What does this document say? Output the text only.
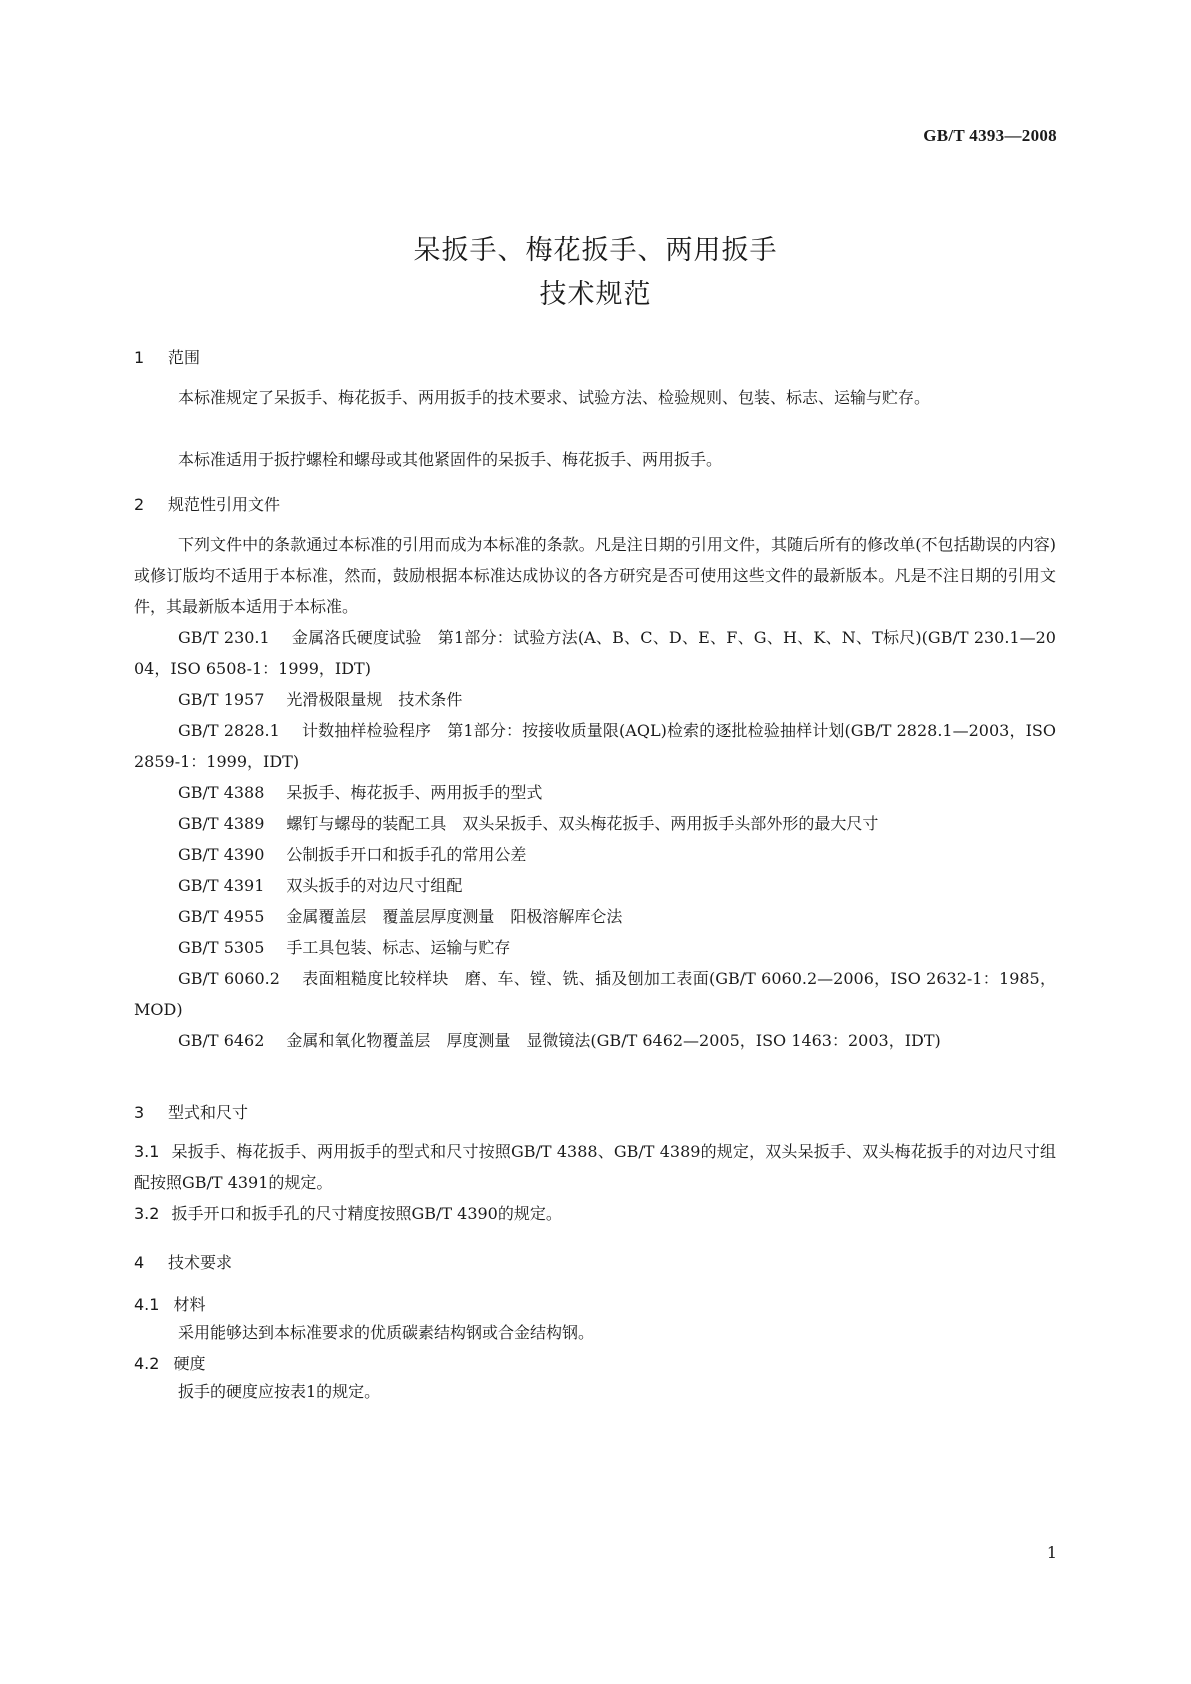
GB/T 4393—2008
呆扳手、梅花扳手、两用扳手
技术规范
1 范围
本标准规定了呆扳手、梅花扳手、两用扳手的技术要求、试验方法、检验规则、包装、标志、运输与贮存。
本标准适用于扳拧螺栓和螺母或其他紧固件的呆扳手、梅花扳手、两用扳手。
2 规范性引用文件
下列文件中的条款通过本标准的引用而成为本标准的条款。凡是注日期的引用文件，其随后所有的修改单(不包括勘误的内容)或修订版均不适用于本标准，然而，鼓励根据本标准达成协议的各方研究是否可使用这些文件的最新版本。凡是不注日期的引用文件，其最新版本适用于本标准。
GB/T 230.1 金属洛氏硬度试验　第1部分：试验方法(A、B、C、D、E、F、G、H、K、N、T标尺)(GB/T 230.1—2004，ISO 6508-1：1999，IDT)
GB/T 1957 光滑极限量规　技术条件
GB/T 2828.1 计数抽样检验程序　第1部分：按接收质量限(AQL)检索的逐批检验抽样计划(GB/T 2828.1—2003，ISO 2859-1：1999，IDT)
GB/T 4388 呆扳手、梅花扳手、两用扳手的型式
GB/T 4389 螺钉与螺母的装配工具　双头呆扳手、双头梅花扳手、两用扳手头部外形的最大尺寸
GB/T 4390 公制扳手开口和扳手孔的常用公差
GB/T 4391 双头扳手的对边尺寸组配
GB/T 4955 金属覆盖层　覆盖层厚度测量　阳极溶解库仑法
GB/T 5305 手工具包装、标志、运输与贮存
GB/T 6060.2 表面粗糙度比较样块　磨、车、镗、铣、插及刨加工表面(GB/T 6060.2—2006，ISO 2632-1：1985，MOD)
GB/T 6462 金属和氧化物覆盖层　厚度测量　显微镜法(GB/T 6462—2005，ISO 1463：2003，IDT)
3 型式和尺寸
3.1 呆扳手、梅花扳手、两用扳手的型式和尺寸按照GB/T 4388、GB/T 4389的规定，双头呆扳手、双头梅花扳手的对边尺寸组配按照GB/T 4391的规定。
3.2 扳手开口和扳手孔的尺寸精度按照GB/T 4390的规定。
4 技术要求
4.1 材料
采用能够达到本标准要求的优质碳素结构钢或合金结构钢。
4.2 硬度
扳手的硬度应按表1的规定。
1
